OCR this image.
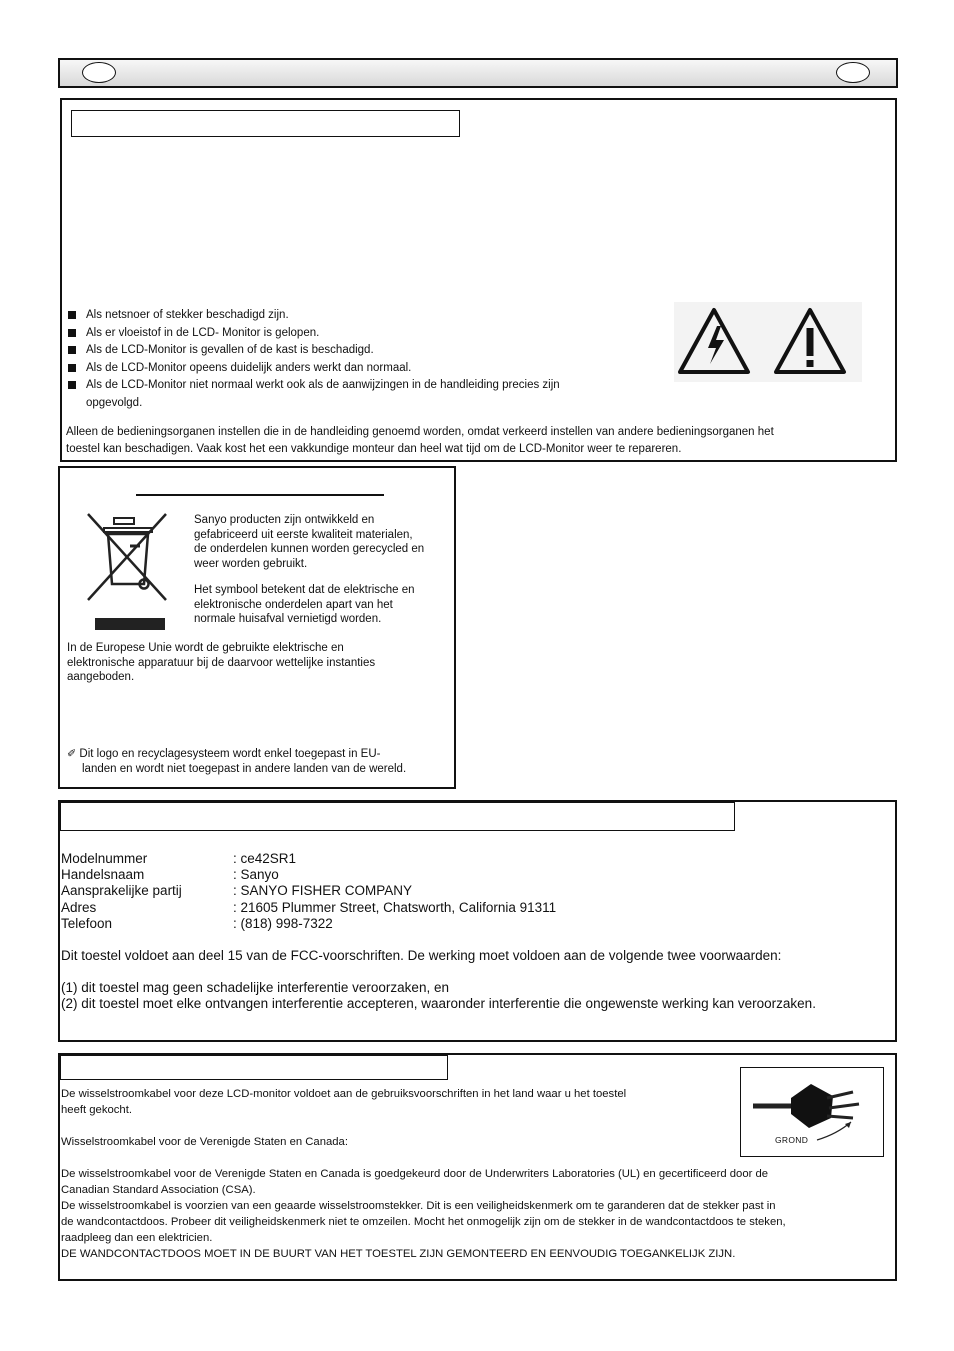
Als netsnoer of stekker beschadigd zijn.
Als er vloeistof in de LCD- Monitor is gelopen.
Als de LCD-Monitor is gevallen of de kast is beschadigd.
Als de LCD-Monitor opeens duidelijk anders werkt dan normaal.
Als de LCD-Monitor niet normaal werkt ook als de aanwijzingen in de handleiding precies zijn
opgevolgd.
Alleen de bedieningsorganen instellen die in de handleiding genoemd worden, omdat verkeerd instellen van andere bedieningsorganen het
toestel kan beschadigen. Vaak kost het een vakkundige monteur dan heel wat tijd om de LCD-Monitor weer te repareren.
Sanyo producten zijn ontwikkeld en
gefabriceerd uit eerste kwaliteit materialen,
de onderdelen kunnen worden gerecycled en
weer worden gebruikt.
Het symbool betekent dat de elektrische en
elektronische onderdelen apart van het
normale huisafval vernietigd worden.
In de Europese Unie wordt de gebruikte elektrische en
elektronische apparatuur bij de daarvoor wettelijke instanties
aangeboden.
✐ Dit logo en recyclagesysteem wordt enkel toegepast in EU-
landen en wordt niet toegepast in andere landen van de wereld.
Modelnummer	: ce42SR1
Handelsnaam	: Sanyo
Aansprakelijke partij	: SANYO FISHER COMPANY
Adres	: 21605 Plummer Street, Chatsworth, California 91311
Telefoon	: (818) 998-7322
Dit toestel voldoet aan deel 15 van de FCC-voorschriften. De werking moet voldoen aan de volgende twee voorwaarden:
(1) dit toestel mag geen schadelijke interferentie veroorzaken, en
(2) dit toestel moet elke ontvangen interferentie accepteren, waaronder interferentie die ongewenste werking kan veroorzaken.
De wisselstroomkabel voor deze LCD-monitor voldoet aan de gebruiksvoorschriften in het land waar u het toestel
heeft gekocht.
Wisselstroomkabel voor de Verenigde Staten en Canada:
De wisselstroomkabel voor de Verenigde Staten en Canada is goedgekeurd door de Underwriters Laboratories (UL) en gecertificeerd door de
Canadian Standard Association (CSA).
De wisselstroomkabel is voorzien van een geaarde wisselstroomstekker. Dit is een veiligheidskenmerk om te garanderen dat de stekker past in
de wandcontactdoos. Probeer dit veiligheidskenmerk niet te omzeilen. Mocht het onmogelijk zijn om de stekker in de wandcontactdoos te steken,
raadpleeg dan een elektricien.
DE WANDCONTACTDOOS MOET IN DE BUURT VAN HET TOESTEL ZIJN GEMONTEERD EN EENVOUDIG TOEGANKELIJK ZIJN.
GROND
